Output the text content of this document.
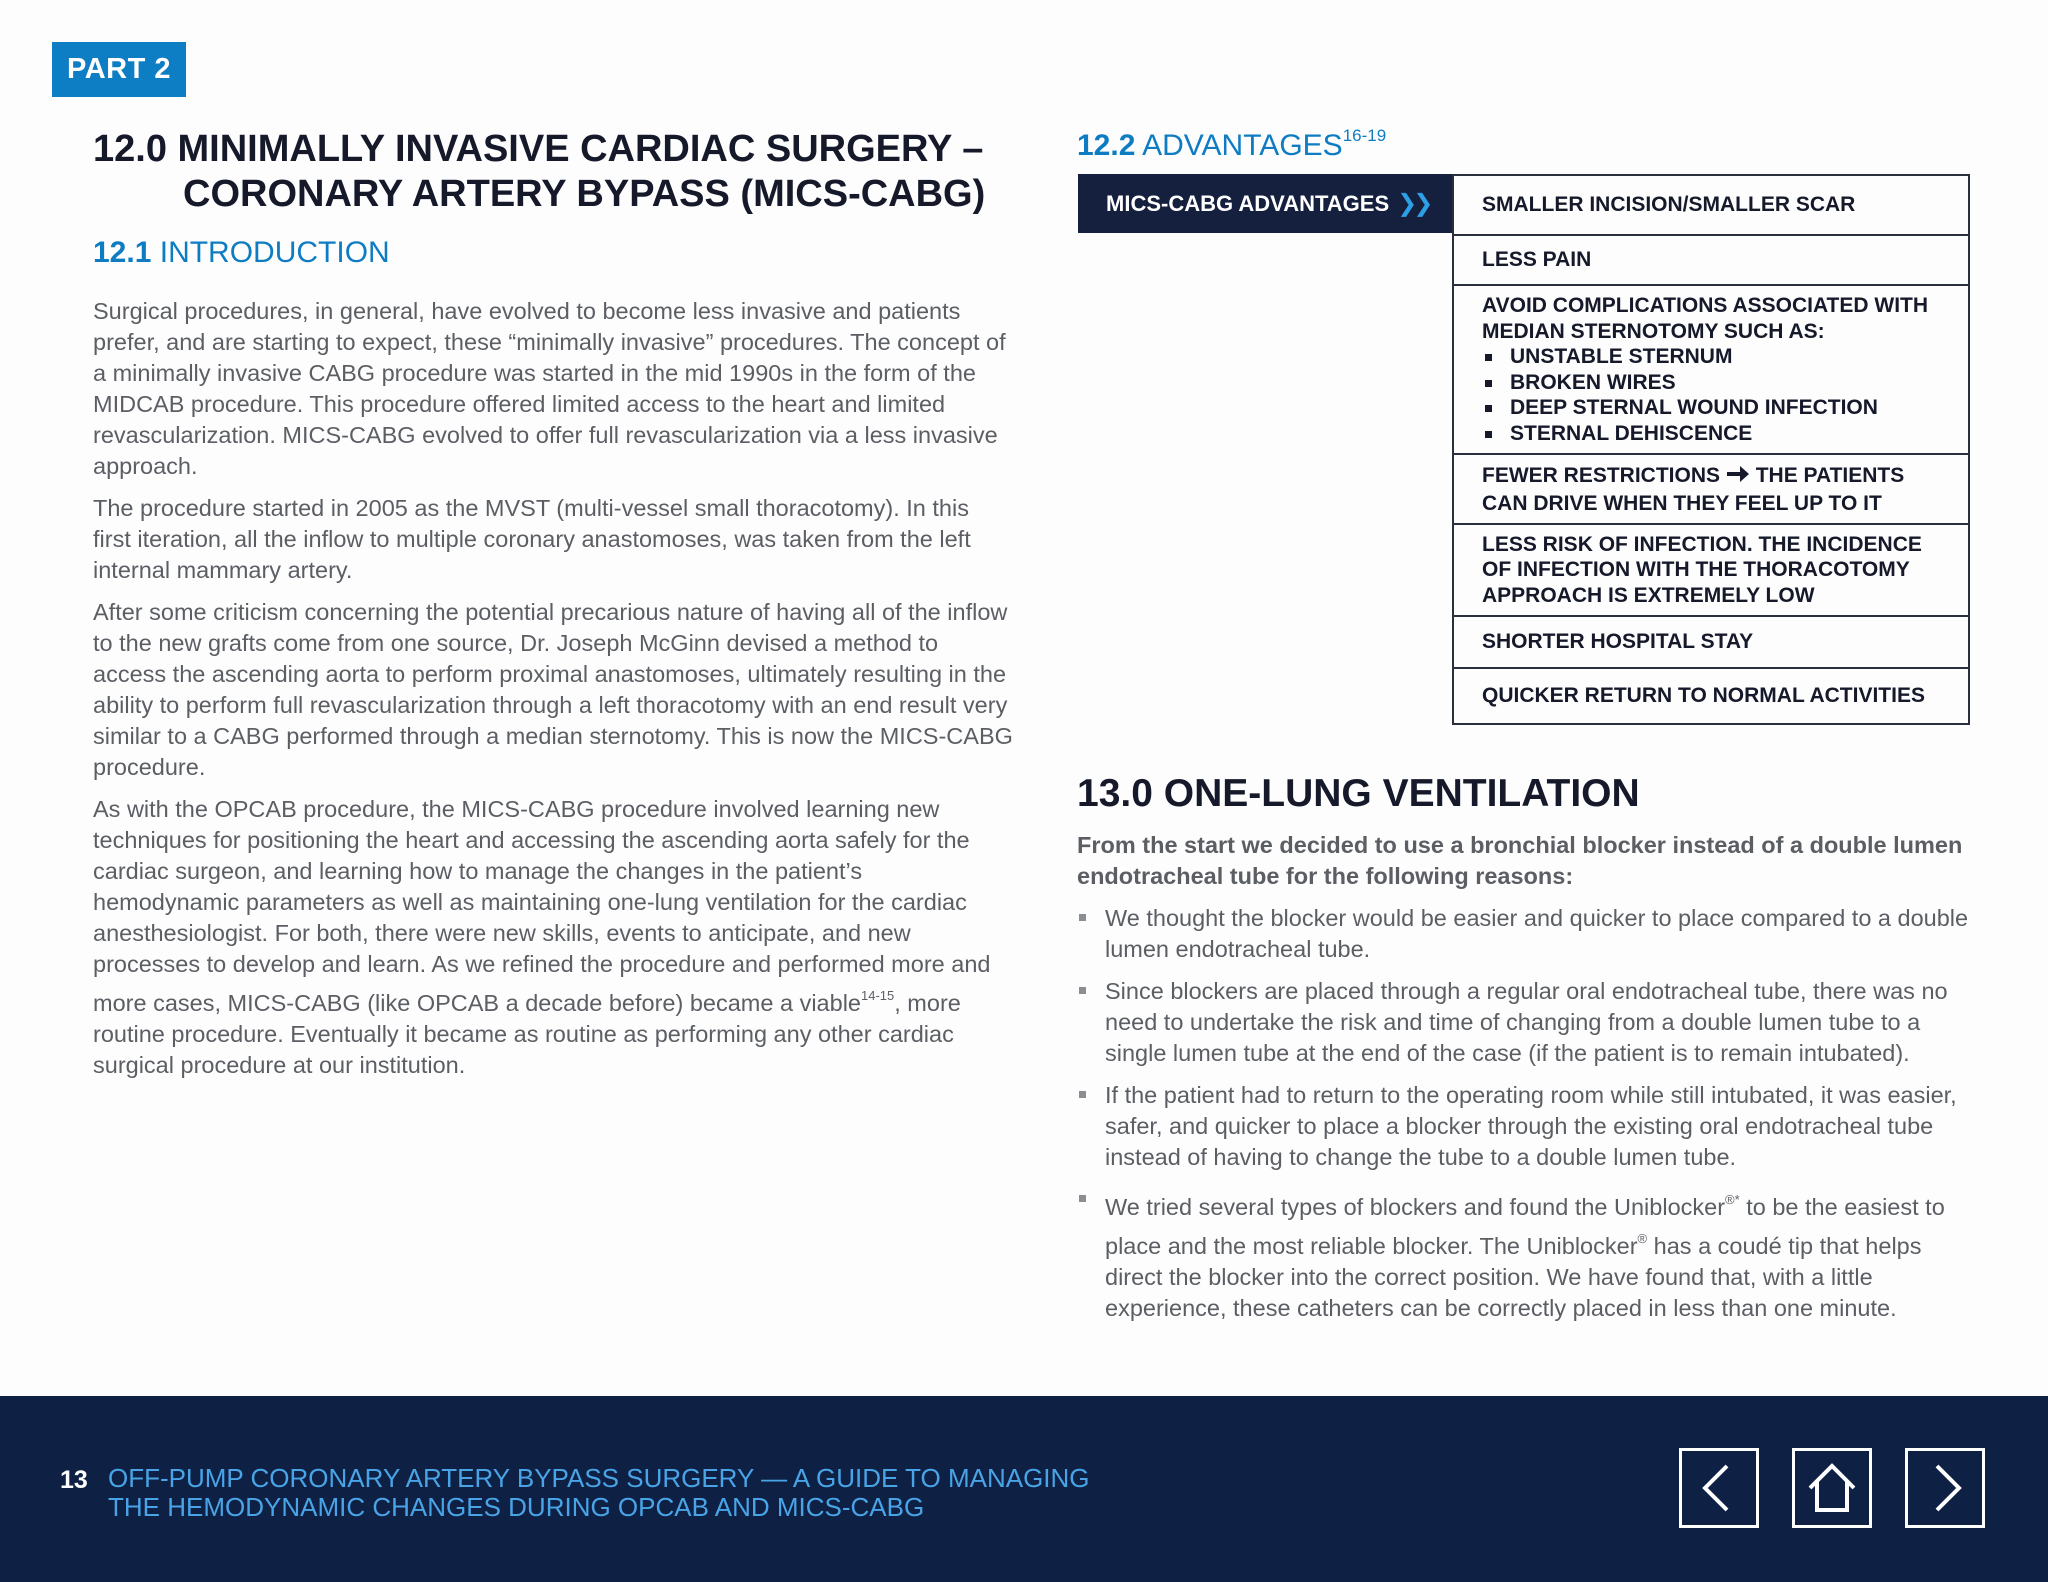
PART 2
12.0 MINIMALLY INVASIVE CARDIAC SURGERY –
CORONARY ARTERY BYPASS (MICS-CABG)
12.1 INTRODUCTION

Surgical procedures, in general, have evolved to become less invasive and patients prefer, and are starting to expect, these “minimally invasive” procedures. The concept of a minimally invasive CABG procedure was started in the mid 1990s in the form of the MIDCAB procedure. This procedure offered limited access to the heart and limited revascularization. MICS-CABG evolved to offer full revascularization via a less invasive approach.

The procedure started in 2005 as the MVST (multi-vessel small thoracotomy). In this first iteration, all the inflow to multiple coronary anastomoses, was taken from the left internal mammary artery.

After some criticism concerning the potential precarious nature of having all of the inflow to the new grafts come from one source, Dr. Joseph McGinn devised a method to access the ascending aorta to perform proximal anastomoses, ultimately resulting in the ability to perform full revascularization through a left thoracotomy with an end result very similar to a CABG performed through a median sternotomy. This is now the MICS-CABG procedure.

As with the OPCAB procedure, the MICS-CABG procedure involved learning new techniques for positioning the heart and accessing the ascending aorta safely for the cardiac surgeon, and learning how to manage the changes in the patient’s hemodynamic parameters as well as maintaining one-lung ventilation for the cardiac anesthesiologist. For both, there were new skills, events to anticipate, and new processes to develop and learn. As we refined the procedure and performed more and more cases, MICS-CABG (like OPCAB a decade before) became a viable$^{14-15}$, more routine procedure. Eventually it became as routine as performing any other cardiac surgical procedure at our institution.

12.2 ADVANTAGES$^{16-19}$
MICS-CABG ADVANTAGES ❯❯	SMALLER INCISION/SMALLER SCAR
LESS PAIN
AVOID COMPLICATIONS ASSOCIATED WITH MEDIAN STERNOTOMY SUCH AS:
UNSTABLE STERNUM
BROKEN WIRES
DEEP STERNAL WOUND INFECTION
STERNAL DEHISCENCE
FEWER RESTRICTIONS THE PATIENTS CAN DRIVE WHEN THEY FEEL UP TO IT
LESS RISK OF INFECTION. THE INCIDENCE OF INFECTION WITH THE THORACOTOMY APPROACH IS EXTREMELY LOW
SHORTER HOSPITAL STAY
QUICKER RETURN TO NORMAL ACTIVITIES
13.0 ONE-LUNG VENTILATION
From the start we decided to use a bronchial blocker instead of a double lumen endotracheal tube for the following reasons:
We thought the blocker would be easier and quicker to place compared to a double lumen endotracheal tube.
Since blockers are placed through a regular oral endotracheal tube, there was no need to undertake the risk and time of changing from a double lumen tube to a single lumen tube at the end of the case (if the patient is to remain intubated).
If the patient had to return to the operating room while still intubated, it was easier, safer, and quicker to place a blocker through the existing oral endotracheal tube instead of having to change the tube to a double lumen tube.
We tried several types of blockers and found the Uniblocker®* to be the easiest to place and the most reliable blocker. The Uniblocker® has a coudé tip that helps direct the blocker into the correct position. We have found that, with a little experience, these catheters can be correctly placed in less than one minute.
13 OFF-PUMP CORONARY ARTERY BYPASS SURGERY — A GUIDE TO MANAGING
THE HEMODYNAMIC CHANGES DURING OPCAB AND MICS-CABG
